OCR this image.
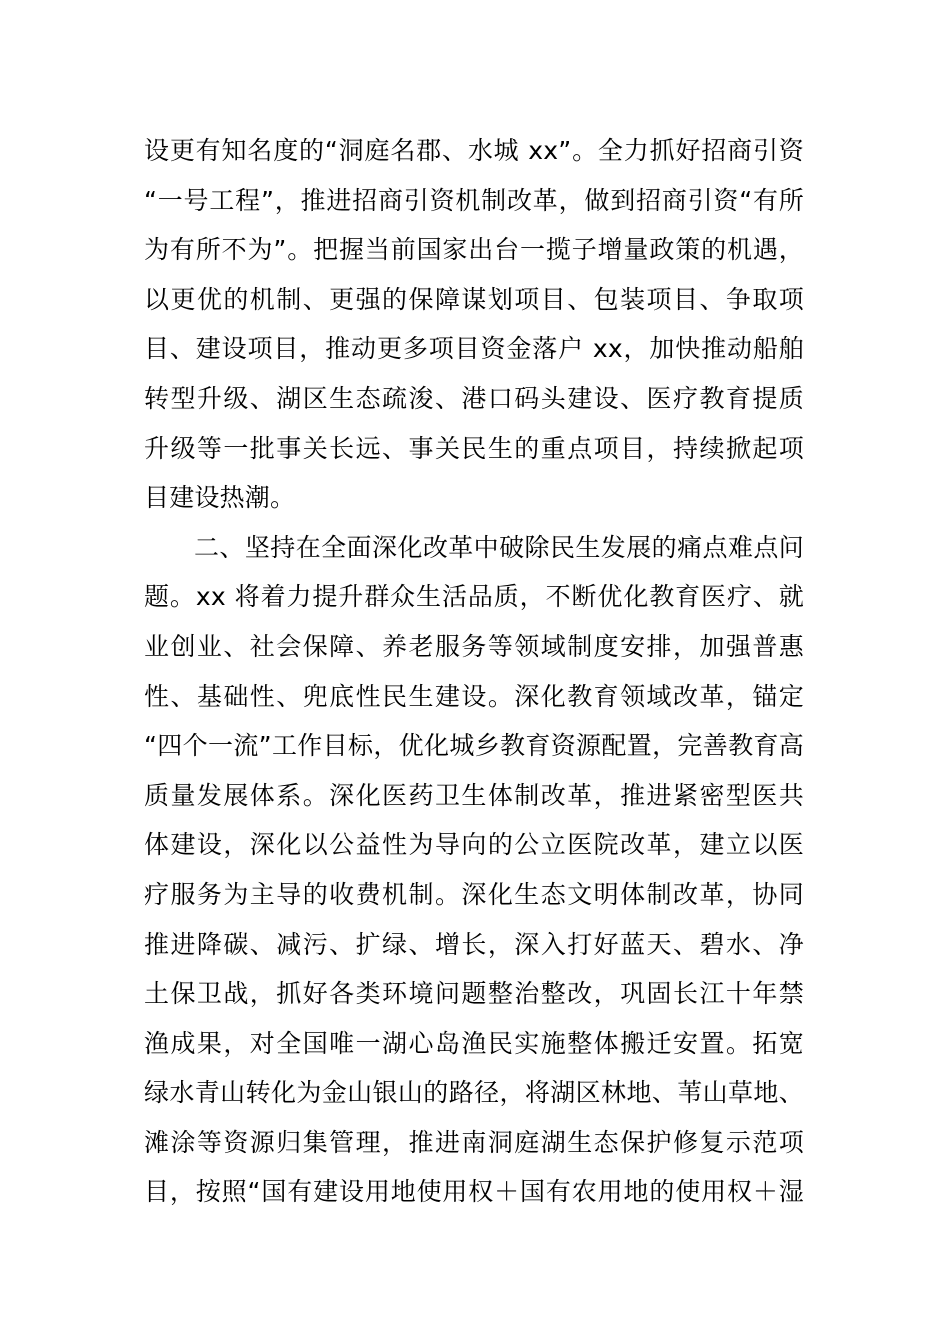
设更有知名度的“洞庭名郡、水城 xx”。全力抓好招商引资
“一号工程”，推进招商引资机制改革，做到招商引资“有所
为有所不为”。把握当前国家出台一揽子增量政策的机遇，
以更优的机制、更强的保障谋划项目、包装项目、争取项
目、建设项目，推动更多项目资金落户 xx，加快推动船舶
转型升级、湖区生态疏浚、港口码头建设、医疗教育提质
升级等一批事关长远、事关民生的重点项目，持续掀起项
目建设热潮。
二、坚持在全面深化改革中破除民生发展的痛点难点问
题。xx 将着力提升群众生活品质，不断优化教育医疗、就
业创业、社会保障、养老服务等领域制度安排，加强普惠
性、基础性、兜底性民生建设。深化教育领域改革，锚定
“四个一流”工作目标，优化城乡教育资源配置，完善教育高
质量发展体系。深化医药卫生体制改革，推进紧密型医共
体建设，深化以公益性为导向的公立医院改革，建立以医
疗服务为主导的收费机制。深化生态文明体制改革，协同
推进降碳、减污、扩绿、增长，深入打好蓝天、碧水、净
土保卫战，抓好各类环境问题整治整改，巩固长江十年禁
渔成果，对全国唯一湖心岛渔民实施整体搬迁安置。拓宽
绿水青山转化为金山银山的路径，将湖区林地、苇山草地、
滩涂等资源归集管理，推进南洞庭湖生态保护修复示范项
目，按照“国有建设用地使用权＋国有农用地的使用权＋湿
